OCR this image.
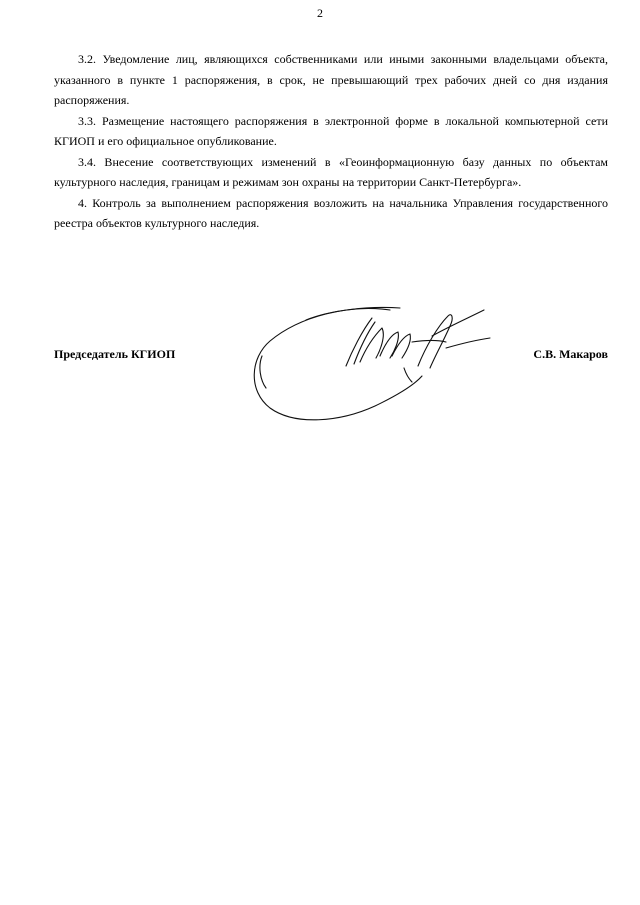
2

3.2. Уведомление лиц, являющихся собственниками или иными законными владельцами объекта, указанного в пункте 1 распоряжения, в срок, не превышающий трех рабочих дней со дня издания распоряжения.

3.3. Размещение настоящего распоряжения в электронной форме в локальной компьютерной сети КГИОП и его официальное опубликование.

3.4. Внесение соответствующих изменений в «Геоинформационную базу данных по объектам культурного наследия, границам и режимам зон охраны на территории Санкт-Петербурга».

4. Контроль за выполнением распоряжения возложить на начальника Управления государственного реестра объектов культурного наследия.

Председатель КГИОП	С.В. Макаров
